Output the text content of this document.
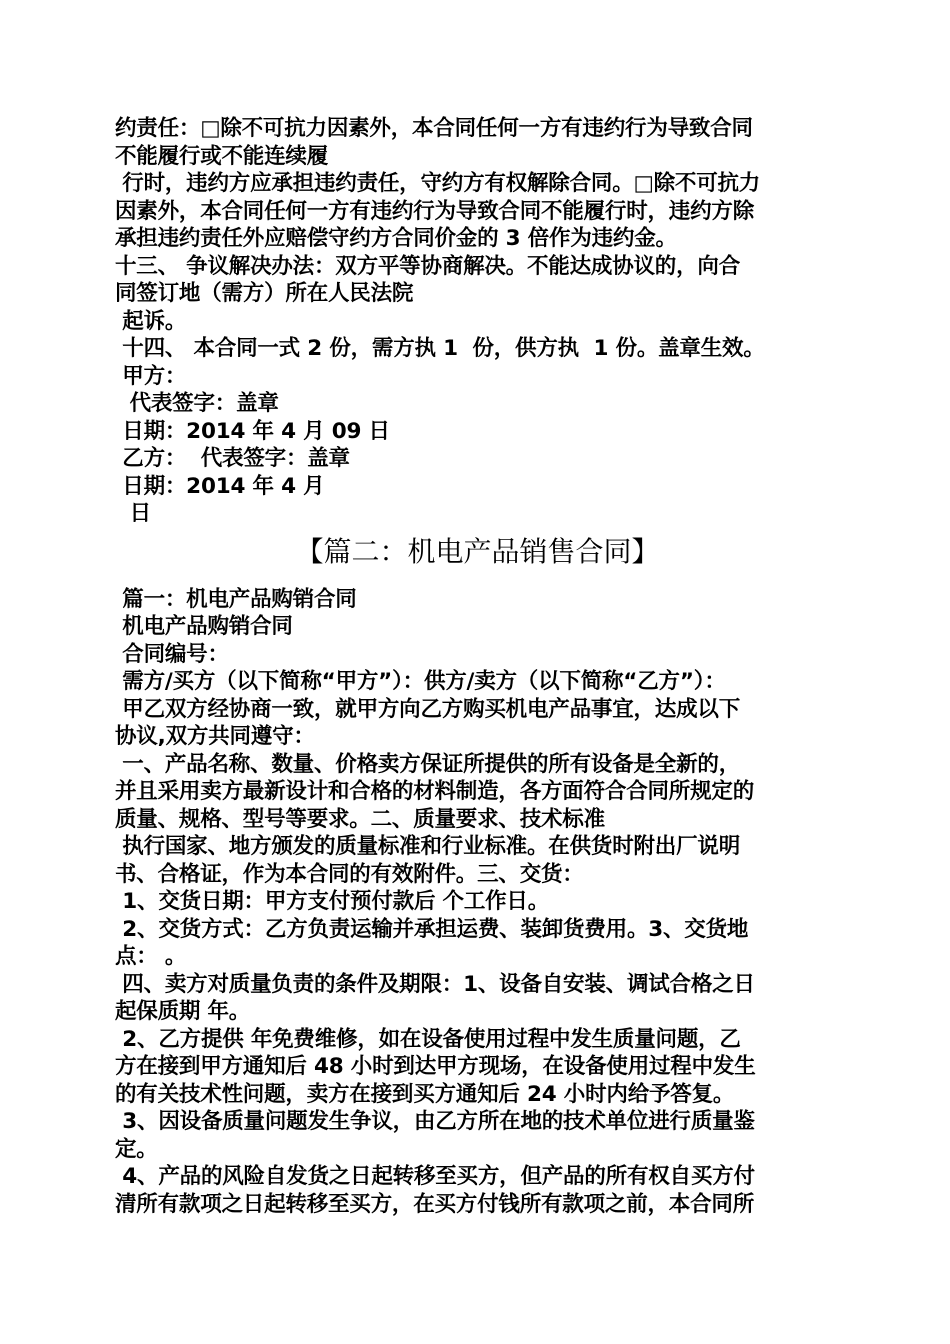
约责任：□除不可抗力因素外，本合同任何一方有违约行为导致合同
不能履行或不能连续履
行时，违约方应承担违约责任，守约方有权解除合同。□除不可抗力
因素外，本合同任何一方有违约行为导致合同不能履行时，违约方除
承担违约责任外应赔偿守约方合同价金的 3 倍作为违约金。
十三、 争议解决办法：双方平等协商解决。不能达成协议的，向合
同签订地（需方）所在人民法院
起诉。
十四、 本合同一式 2 份，需方执 1  份，供方执  1 份。盖章生效。
甲方：
代表签字：盖章
日期：2014 年 4 月 09 日
乙方：  代表签字：盖章
日期：2014 年 4 月
日
【篇二：机电产品销售合同】
篇一：机电产品购销合同
机电产品购销合同
合同编号：
需方/买方（以下简称“甲方”）：供方/卖方（以下简称“乙方”）：
甲乙双方经协商一致，就甲方向乙方购买机电产品事宜，达成以下
协议,双方共同遵守：
一、产品名称、数量、价格卖方保证所提供的所有设备是全新的，
并且采用卖方最新设计和合格的材料制造，各方面符合合同所规定的
质量、规格、型号等要求。二、质量要求、技术标准
执行国家、地方颁发的质量标准和行业标准。在供货时附出厂说明
书、合格证，作为本合同的有效附件。三、交货：
1、交货日期：甲方支付预付款后 个工作日。
2、交货方式：乙方负责运输并承担运费、装卸货费用。3、交货地
点： 。
四、卖方对质量负责的条件及期限：1、设备自安装、调试合格之日
起保质期 年。
2、乙方提供 年免费维修，如在设备使用过程中发生质量问题，乙
方在接到甲方通知后 48 小时到达甲方现场，在设备使用过程中发生
的有关技术性问题，卖方在接到买方通知后 24 小时内给予答复。
3、因设备质量问题发生争议，由乙方所在地的技术单位进行质量鉴
定。
4、产品的风险自发货之日起转移至买方，但产品的所有权自买方付
清所有款项之日起转移至买方，在买方付钱所有款项之前，本合同所
